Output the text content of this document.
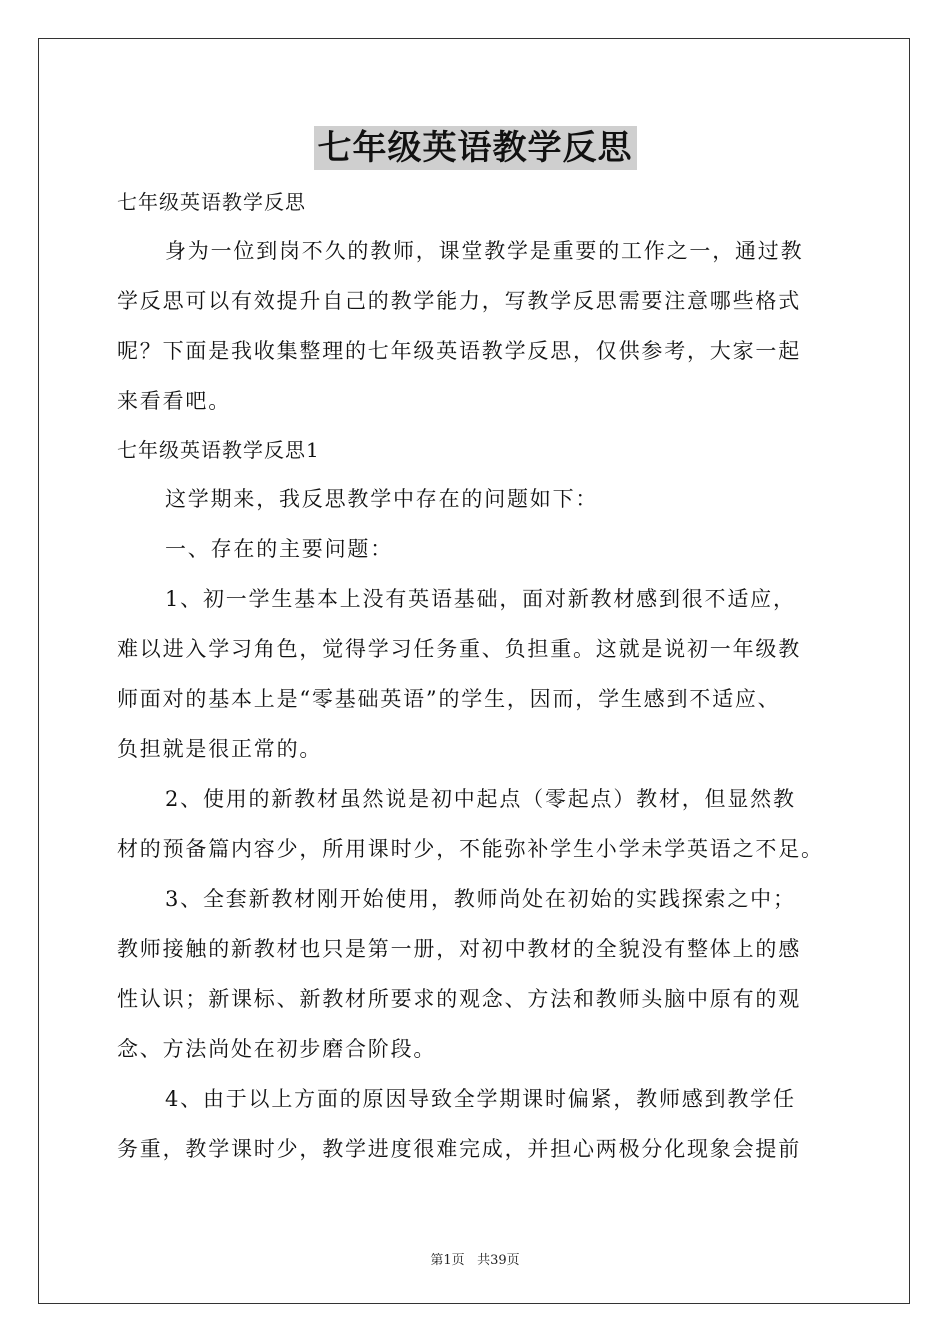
七年级英语教学反思

七年级英语教学反思

身为一位到岗不久的教师，课堂教学是重要的工作之一，通过教

学反思可以有效提升自己的教学能力，写教学反思需要注意哪些格式

呢？下面是我收集整理的七年级英语教学反思，仅供参考，大家一起

来看看吧。

七年级英语教学反思1

这学期来，我反思教学中存在的问题如下：

一、存在的主要问题：

1、初一学生基本上没有英语基础，面对新教材感到很不适应，

难以进入学习角色，觉得学习任务重、负担重。这就是说初一年级教

师面对的基本上是“零基础英语”的学生，因而，学生感到不适应、

负担就是很正常的。

2、使用的新教材虽然说是初中起点（零起点）教材，但显然教

材的预备篇内容少，所用课时少，不能弥补学生小学未学英语之不足。

3、全套新教材刚开始使用，教师尚处在初始的实践探索之中；

教师接触的新教材也只是第一册，对初中教材的全貌没有整体上的感

性认识；新课标、新教材所要求的观念、方法和教师头脑中原有的观

念、方法尚处在初步磨合阶段。

4、由于以上方面的原因导致全学期课时偏紧，教师感到教学任

务重，教学课时少，教学进度很难完成，并担心两极分化现象会提前

第1页 共39页
